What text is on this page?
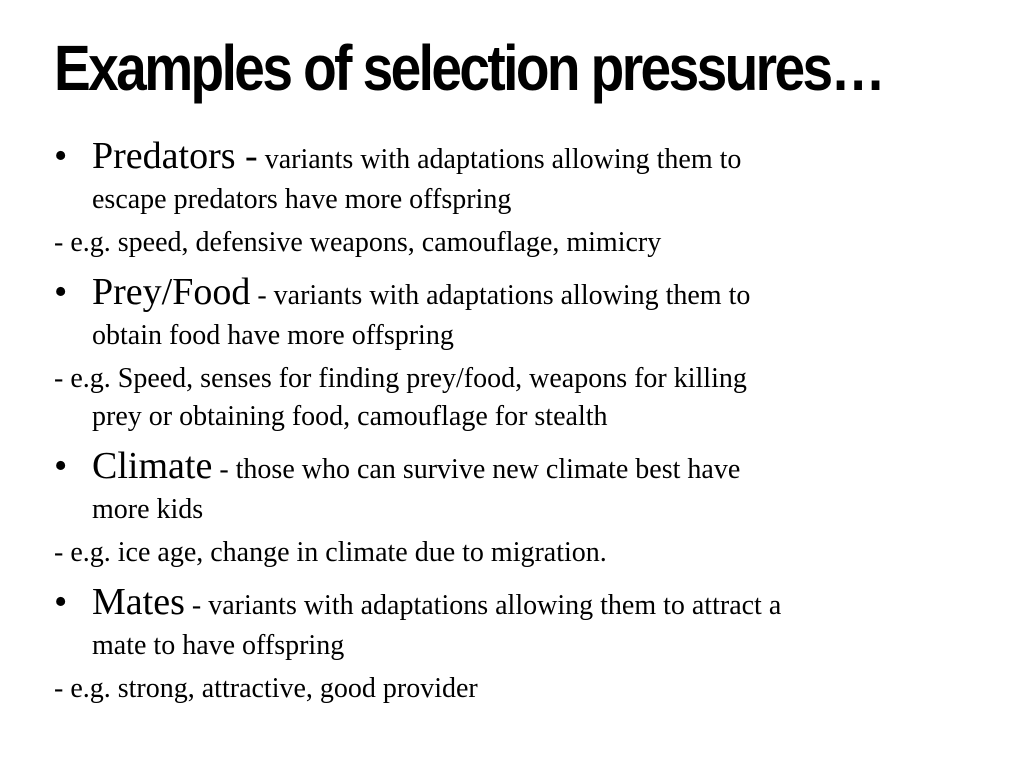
Examples of selection pressures…
• Predators - variants with adaptations allowing them to
escape predators have more offspring
- e.g. speed, defensive weapons, camouflage, mimicry
• Prey/Food - variants with adaptations allowing them to
obtain food have more offspring
- e.g. Speed, senses for finding prey/food, weapons for killing
prey or obtaining food, camouflage for stealth
• Climate - those who can survive new climate best have
more kids
- e.g. ice age, change in climate due to migration.
• Mates - variants with adaptations allowing them to attract a
mate to have offspring
- e.g. strong, attractive, good provider
